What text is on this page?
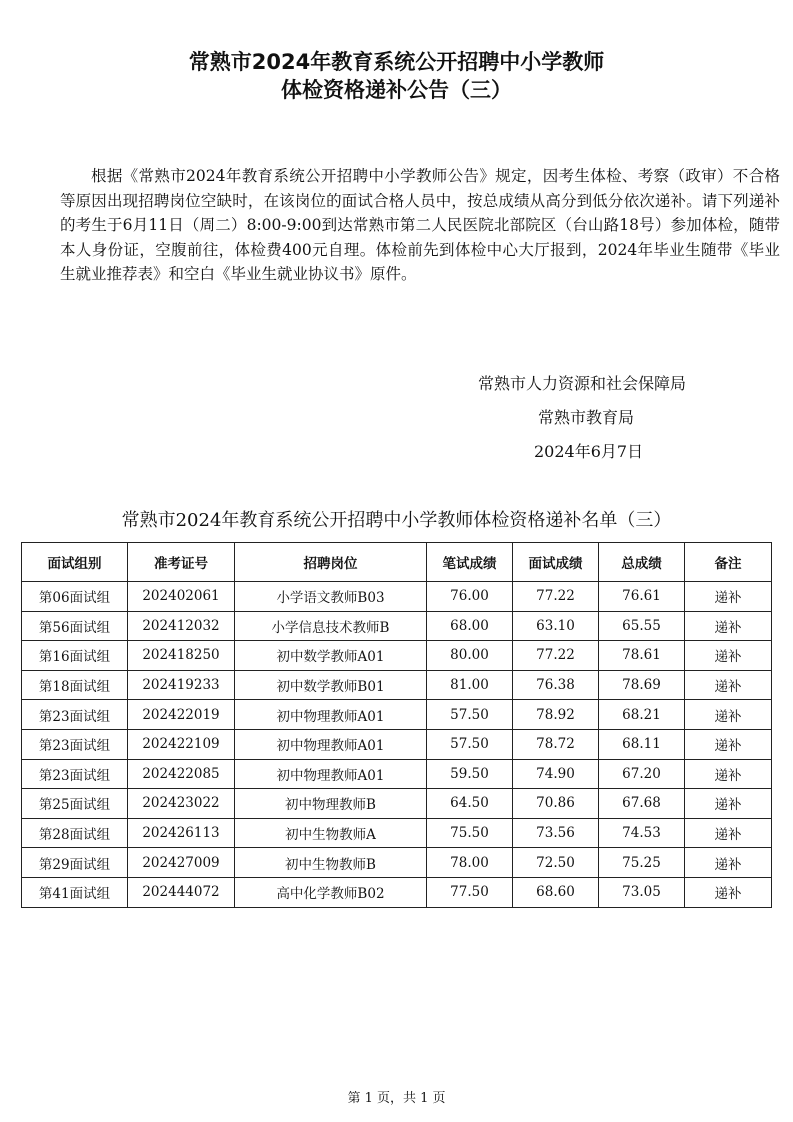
常熟市2024年教育系统公开招聘中小学教师
体检资格递补公告（三）
根据《常熟市2024年教育系统公开招聘中小学教师公告》规定，因考生体检、考察（政审）不合格等原因出现招聘岗位空缺时，在该岗位的面试合格人员中，按总成绩从高分到低分依次递补。请下列递补的考生于6月11日（周二）8:00-9:00到达常熟市第二人民医院北部院区（台山路18号）参加体检，随带本人身份证，空腹前往，体检费400元自理。体检前先到体检中心大厅报到，2024年毕业生随带《毕业生就业推荐表》和空白《毕业生就业协议书》原件。
常熟市人力资源和社会保障局
常熟市教育局
2024年6月7日
常熟市2024年教育系统公开招聘中小学教师体检资格递补名单（三）
面试组别	准考证号	招聘岗位	笔试成绩	面试成绩	总成绩	备注
第06面试组	202402061	小学语文教师B03	76.00	77.22	76.61	递补
第56面试组	202412032	小学信息技术教师B	68.00	63.10	65.55	递补
第16面试组	202418250	初中数学教师A01	80.00	77.22	78.61	递补
第18面试组	202419233	初中数学教师B01	81.00	76.38	78.69	递补
第23面试组	202422019	初中物理教师A01	57.50	78.92	68.21	递补
第23面试组	202422109	初中物理教师A01	57.50	78.72	68.11	递补
第23面试组	202422085	初中物理教师A01	59.50	74.90	67.20	递补
第25面试组	202423022	初中物理教师B	64.50	70.86	67.68	递补
第28面试组	202426113	初中生物教师A	75.50	73.56	74.53	递补
第29面试组	202427009	初中生物教师B	78.00	72.50	75.25	递补
第41面试组	202444072	高中化学教师B02	77.50	68.60	73.05	递补
第 1 页，共 1 页
